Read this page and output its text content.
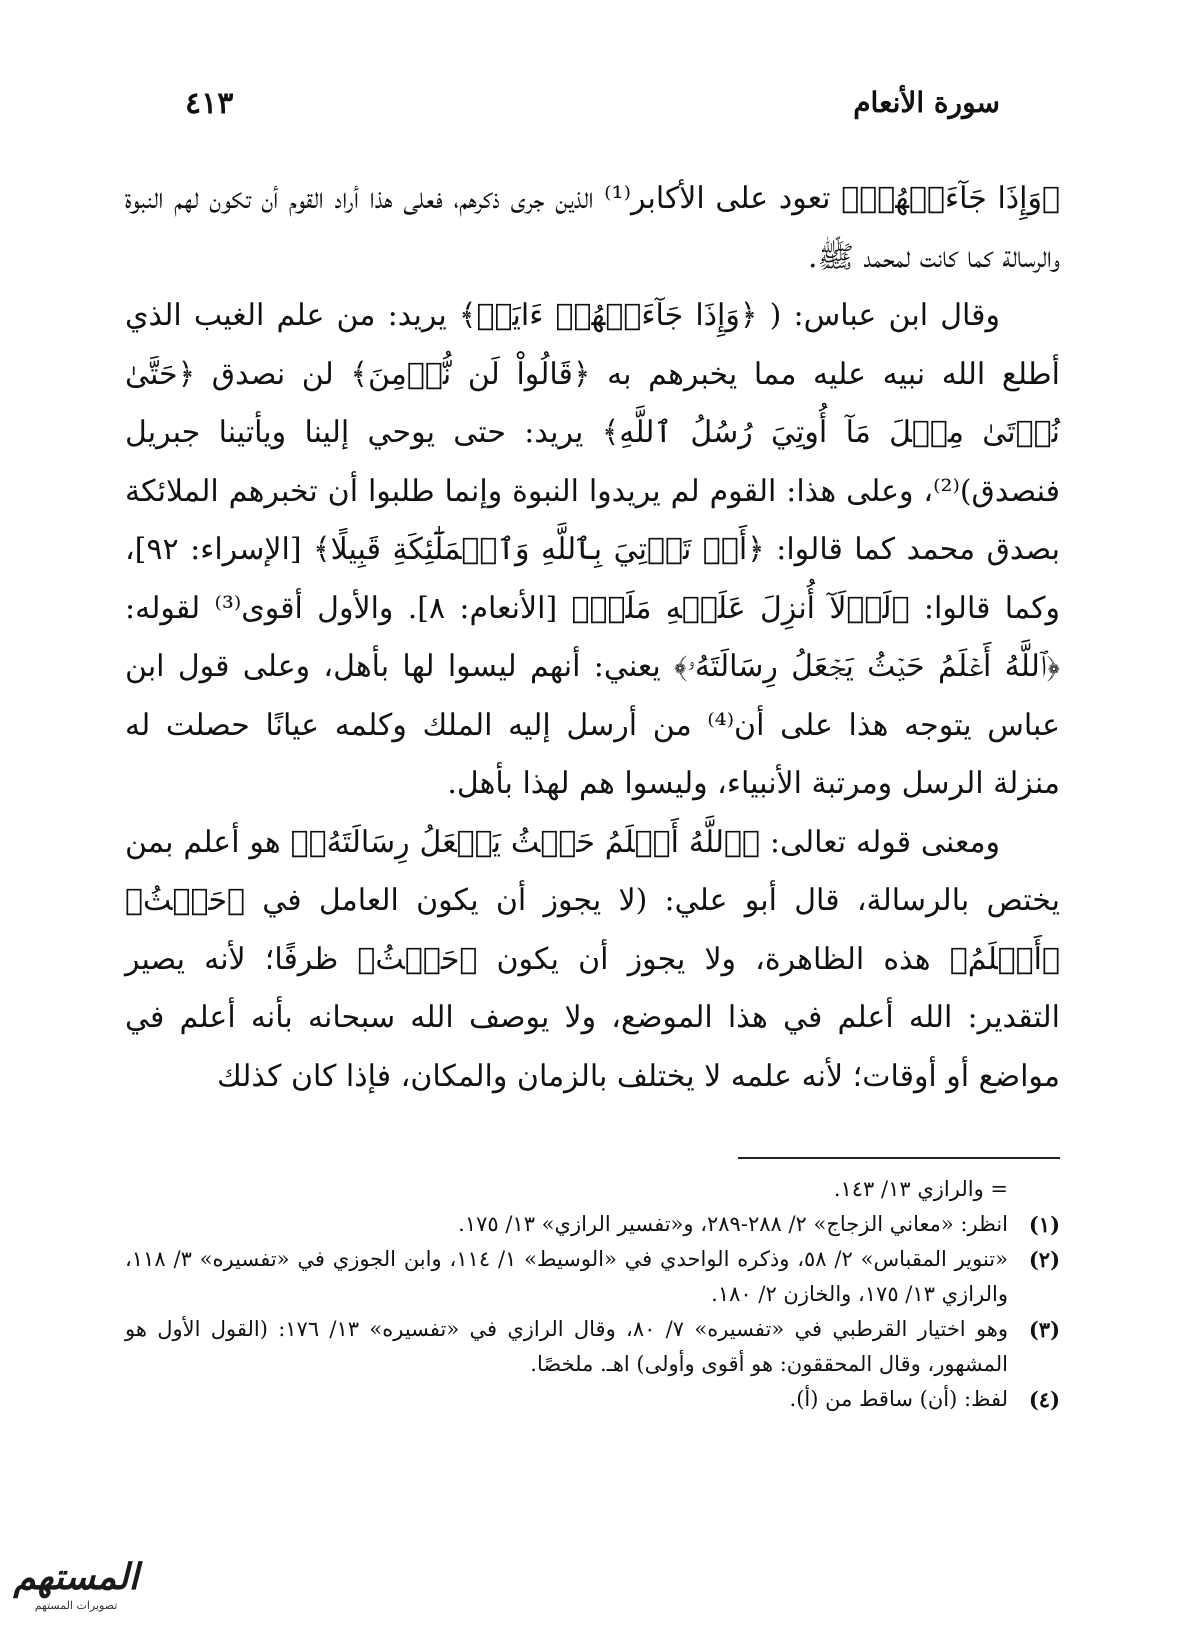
سورة الأنعام
٤١٣

﴿وَإِذَا جَآءَتۡهُمۡ﴾ تعود على الأكابر⁽¹⁾ الذين جرى ذكرهم، فعلى هذا أراد القوم أن تكون لهم النبوة والرسالة كما كانت لمحمد ﷺ.

وقال ابن عباس: ( ﴿وَإِذَا جَآءَتۡهُمۡ ءَايَةٞ﴾ يريد: من علم الغيب الذي أطلع الله نبيه عليه مما يخبرهم به ﴿قَالُواْ لَن نُّؤۡمِنَ﴾ لن نصدق ﴿حَتَّىٰ نُؤۡتَىٰ مِثۡلَ مَآ أُوتِيَ رُسُلُ ٱللَّهِ﴾ يريد: حتى يوحي إلينا ويأتينا جبريل فنصدق)⁽²⁾، وعلى هذا: القوم لم يريدوا النبوة وإنما طلبوا أن تخبرهم الملائكة بصدق محمد كما قالوا: ﴿أَوۡ تَأۡتِيَ بِٱللَّهِ وَٱلۡمَلَٰٓئِكَةِ قَبِيلًا﴾ [الإسراء: ٩٢]، وكما قالوا: ﴿لَوۡلَآ أُنزِلَ عَلَيۡهِ مَلَكٞ﴾ [الأنعام: ٨]. والأول أقوى⁽³⁾ لقوله: ﴿ٱللَّهُ أَعۡلَمُ حَيۡثُ يَجۡعَلُ رِسَالَتَهُۥ﴾ يعني: أنهم ليسوا لها بأهل، وعلى قول ابن عباس يتوجه هذا على أن⁽⁴⁾ من أرسل إليه الملك وكلمه عيانًا حصلت له منزلة الرسل ومرتبة الأنبياء، وليسوا هم لهذا بأهل.

ومعنى قوله تعالى: ﴿ٱللَّهُ أَعۡلَمُ حَيۡثُ يَجۡعَلُ رِسَالَتَهُۥ﴾ هو أعلم بمن يختص بالرسالة، قال أبو علي: (لا يجوز أن يكون العامل في ﴿حَيۡثُ﴾ ﴿أَعۡلَمُ﴾ هذه الظاهرة، ولا يجوز أن يكون ﴿حَيۡثُ﴾ ظرفًا؛ لأنه يصير التقدير: الله أعلم في هذا الموضع، ولا يوصف الله سبحانه بأنه أعلم في مواضع أو أوقات؛ لأنه علمه لا يختلف بالزمان والمكان، فإذا كان كذلك

= والرازي ١٣/ ١٤٣.
(١)
انظر: «معاني الزجاج» ٢/ ٢٨٨-٢٨٩، و«تفسير الرازي» ١٣/ ١٧٥.
(٢)
«تنوير المقباس» ٢/ ٥٨، وذكره الواحدي في «الوسيط» ١/ ١١٤، وابن الجوزي في «تفسيره» ٣/ ١١٨، والرازي ١٣/ ١٧٥، والخازن ٢/ ١٨٠.
(٣)
وهو اختيار القرطبي في «تفسيره» ٧/ ٨٠، وقال الرازي في «تفسيره» ١٣/ ١٧٦: (القول الأول هو المشهور، وقال المحققون: هو أقوى وأولى) اهـ. ملخصًا.
(٤)
لفظ: (أن) ساقط من (أ).
المستهم
تصويرات المستهم
